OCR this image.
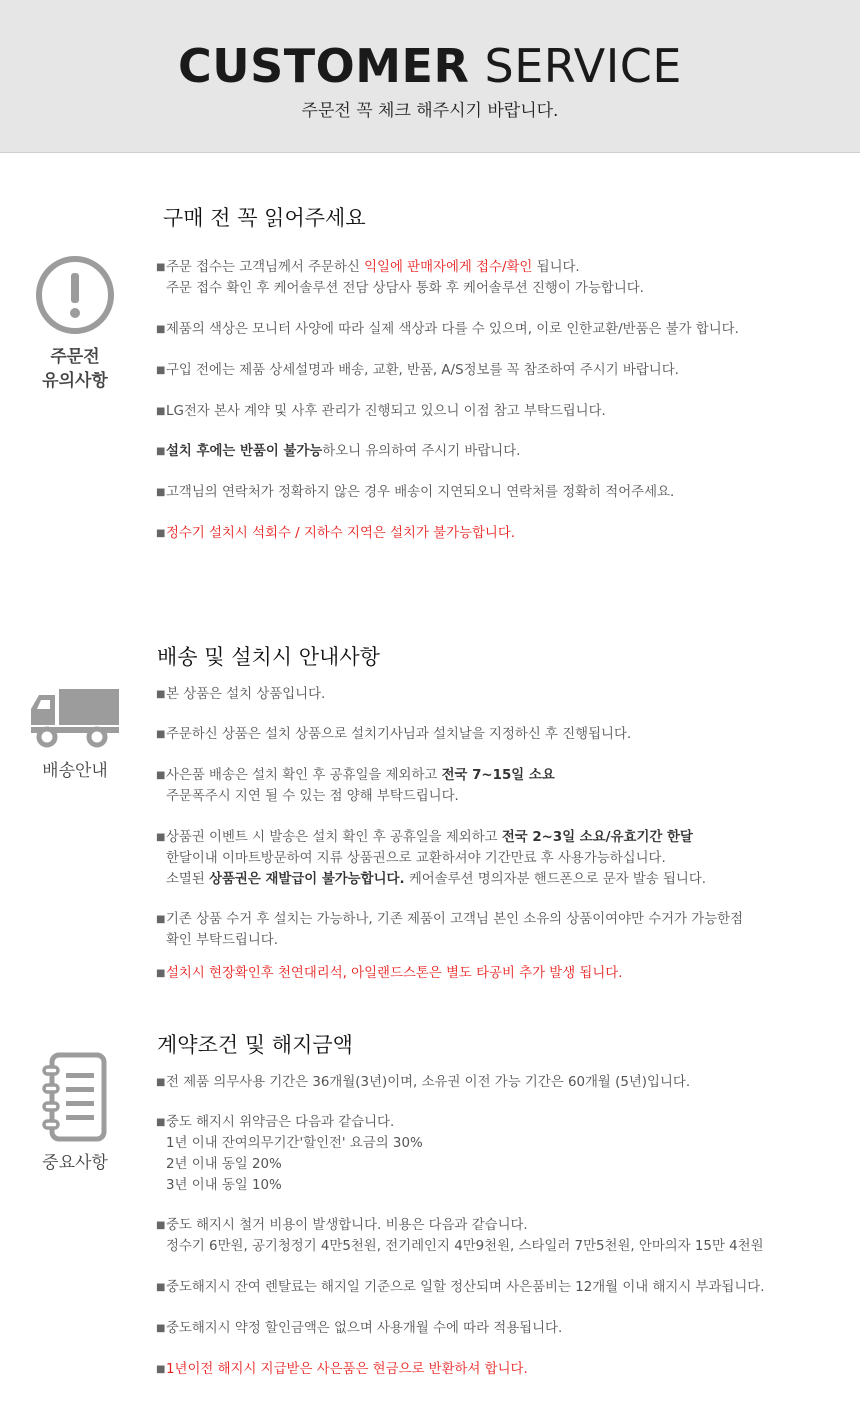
CUSTOMER SERVICE
주문전 꼭 체크 해주시기 바랍니다.
주문전
유의사항
구매 전 꼭 읽어주세요
■ 주문 접수는 고객님께서 주문하신 익일에 판매자에게 접수/확인 됩니다.
주문 접수 확인 후 케어솔루션 전담 상담사 통화 후 케어솔루션 진행이 가능합니다.
■ 제품의 색상은 모니터 사양에 따라 실제 색상과 다를 수 있으며, 이로 인한교환/반품은 불가 합니다.
■ 구입 전에는 제품 상세설명과 배송, 교환, 반품, A/S정보를 꼭 참조하여 주시기 바랍니다.
■ LG전자 본사 계약 및 사후 관리가 진행되고 있으니 이점 참고 부탁드립니다.
■ 설치 후에는 반품이 불가능하오니 유의하여 주시기 바랍니다.
■ 고객님의 연락처가 정확하지 않은 경우 배송이 지연되오니 연락처를 정확히 적어주세요.
■ 정수기 설치시 석회수 / 지하수 지역은 설치가 불가능합니다.
배송안내
배송 및 설치시 안내사항
■ 본 상품은 설치 상품입니다.
■ 주문하신 상품은 설치 상품으로 설치기사님과 설치날을 지정하신 후 진행됩니다.
■ 사은품 배송은 설치 확인 후 공휴일을 제외하고 전국 7~15일 소요
주문폭주시 지연 될 수 있는 점 양해 부탁드립니다.
■ 상품권 이벤트 시 발송은 설치 확인 후 공휴일을 제외하고 전국 2~3일 소요/유효기간 한달
한달이내 이마트방문하여 지류 상품권으로 교환하셔야 기간만료 후 사용가능하십니다.
소멸된 상품권은 재발급이 불가능합니다. 케어솔루션 명의자분 핸드폰으로 문자 발송 됩니다.
■ 기존 상품 수거 후 설치는 가능하나, 기존 제품이 고객님 본인 소유의 상품이여야만 수거가 가능한점
확인 부탁드립니다.
■ 설치시 현장확인후 천연대리석, 아일랜드스톤은 별도 타공비 추가 발생 됩니다.
중요사항
계약조건 및 해지금액
■ 전 제품 의무사용 기간은 36개월(3년)이며, 소유권 이전 가능 기간은 60개월 (5년)입니다.
■ 중도 해지시 위약금은 다음과 같습니다.
1년 이내 잔여의무기간'할인전' 요금의 30%
2년 이내 동일 20%
3년 이내 동일 10%
■ 중도 해지시 철거 비용이 발생합니다. 비용은 다음과 같습니다.
정수기 6만원, 공기청정기 4만5천원, 전기레인지 4만9천원, 스타일러 7만5천원, 안마의자 15만 4천원
■ 중도해지시 잔여 렌탈료는 해지일 기준으로 일할 정산되며 사은품비는 12개월 이내 해지시 부과됩니다.
■ 중도해지시 약정 할인금액은 없으며 사용개월 수에 따라 적용됩니다.
■ 1년이전 해지시 지급받은 사은품은 현금으로 반환하셔 합니다.
